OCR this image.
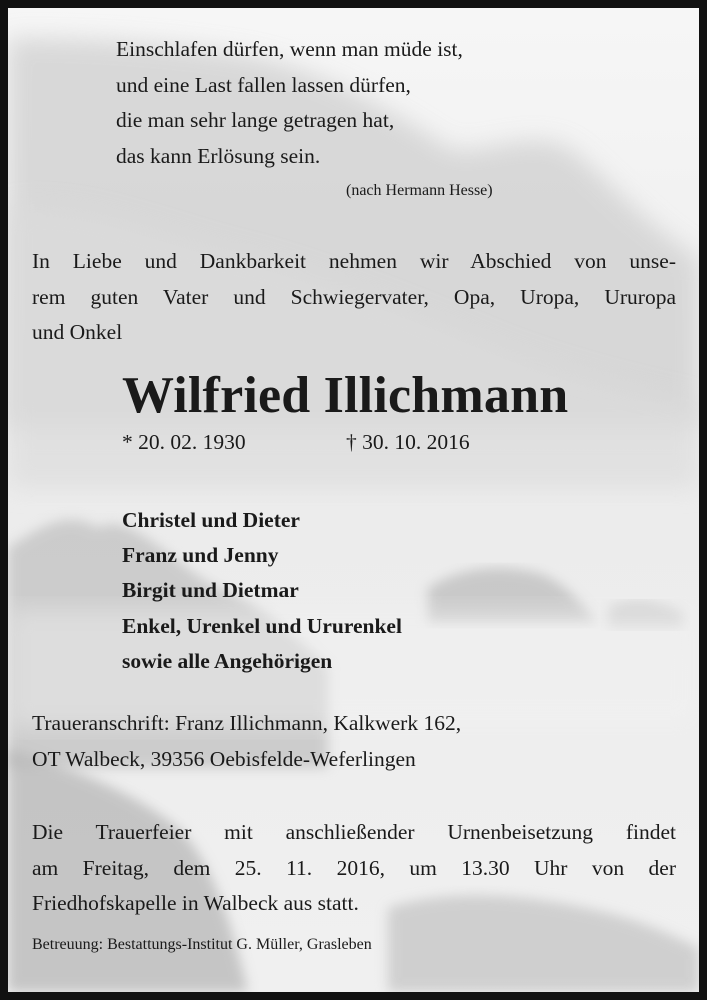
Einschlafen dürfen, wenn man müde ist,
und eine Last fallen lassen dürfen,
die man sehr lange getragen hat,
das kann Erlösung sein.
(nach Hermann Hesse)
In Liebe und Dankbarkeit nehmen wir Abschied von unse-
rem guten Vater und Schwiegervater, Opa, Uropa, Ururopa
und Onkel
Wilfried Illichmann
* 20. 02. 1930	† 30. 10. 2016
Christel und Dieter
Franz und Jenny
Birgit und Dietmar
Enkel, Urenkel und Ururenkel
sowie alle Angehörigen
Traueranschrift: Franz Illichmann, Kalkwerk 162,
OT Walbeck, 39356 Oebisfelde-Weferlingen
Die Trauerfeier mit anschließender Urnenbeisetzung findet
am Freitag, dem 25. 11. 2016, um 13.30 Uhr von der
Friedhofskapelle in Walbeck aus statt.
Betreuung: Bestattungs-Institut G. Müller, Grasleben
